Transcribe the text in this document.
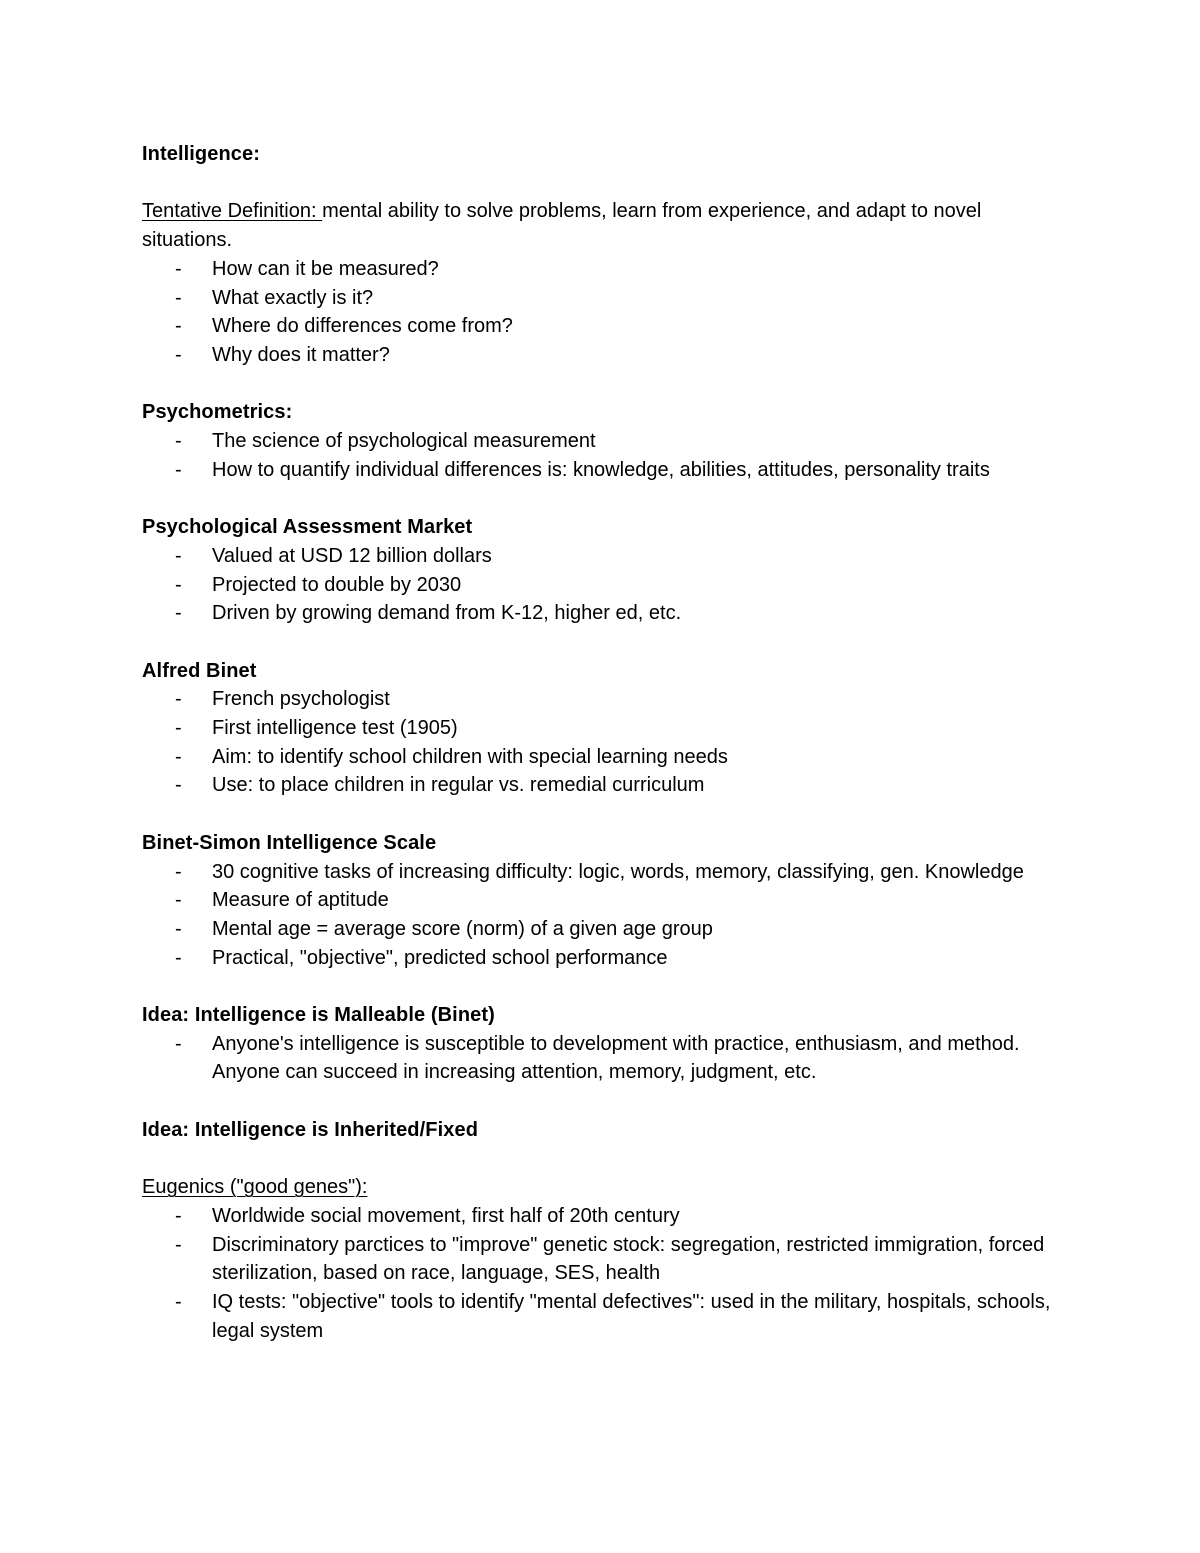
Intelligence:

Tentative Definition: mental ability to solve problems, learn from experience, and adapt to novel situations.

- How can it be measured?
- What exactly is it?
- Where do differences come from?
- Why does it matter?

Psychometrics:

- The science of psychological measurement
- How to quantify individual differences is: knowledge, abilities, attitudes, personality traits

Psychological Assessment Market

- Valued at USD 12 billion dollars
- Projected to double by 2030
- Driven by growing demand from K-12, higher ed, etc.

Alfred Binet

- French psychologist
- First intelligence test (1905)
- Aim: to identify school children with special learning needs
- Use: to place children in regular vs. remedial curriculum

Binet-Simon Intelligence Scale

- 30 cognitive tasks of increasing difficulty: logic, words, memory, classifying, gen. Knowledge
- Measure of aptitude
- Mental age = average score (norm) of a given age group
- Practical, "objective", predicted school performance

Idea: Intelligence is Malleable (Binet)

- Anyone's intelligence is susceptible to development with practice, enthusiasm, and method. Anyone can succeed in increasing attention, memory, judgment, etc.

Idea: Intelligence is Inherited/Fixed

Eugenics ("good genes"):

- Worldwide social movement, first half of 20th century
- Discriminatory parctices to "improve" genetic stock: segregation, restricted immigration, forced sterilization, based on race, language, SES, health
- IQ tests: "objective" tools to identify "mental defectives": used in the military, hospitals, schools, legal system
